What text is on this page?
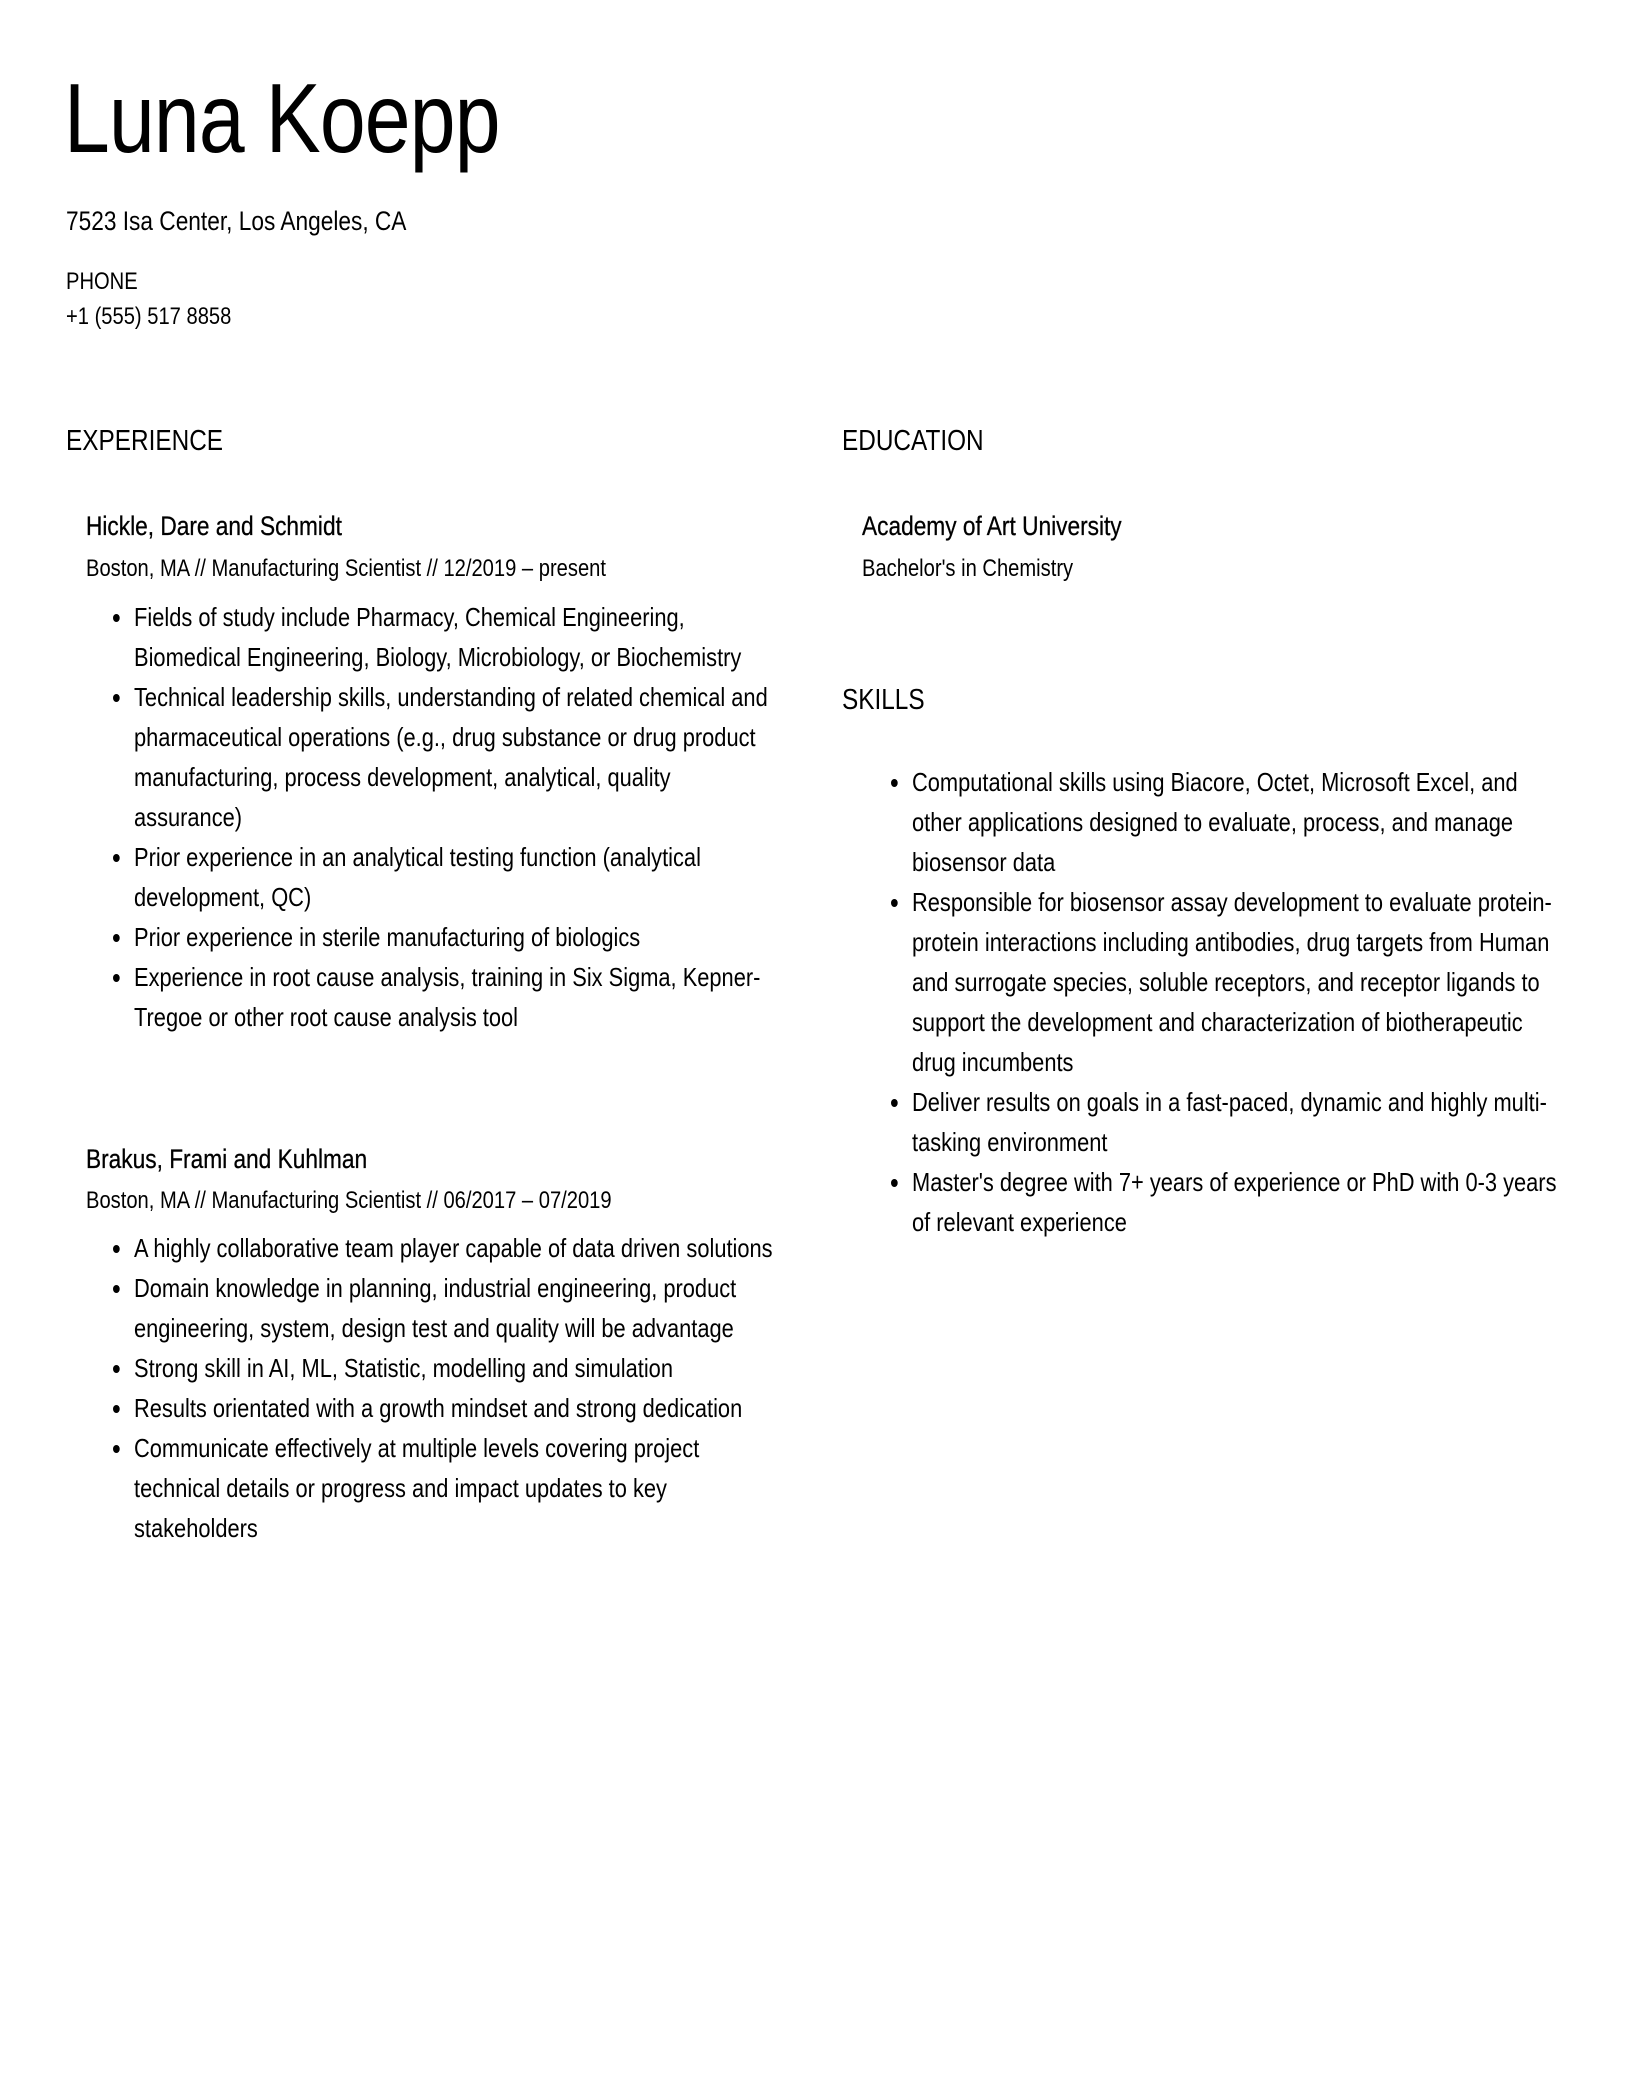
Luna Koepp
7523 Isa Center, Los Angeles, CA
PHONE
+1 (555) 517 8858
EXPERIENCE
Hickle, Dare and Schmidt
Boston, MA // Manufacturing Scientist // 12/2019 – present
Fields of study include Pharmacy, Chemical Engineering, Biomedical Engineering, Biology, Microbiology, or Biochemistry
Technical leadership skills, understanding of related chemical and pharmaceutical operations (e.g., drug substance or drug product manufacturing, process development, analytical, quality assurance)
Prior experience in an analytical testing function (analytical development, QC)
Prior experience in sterile manufacturing of biologics
Experience in root cause analysis, training in Six Sigma, Kepner-Tregoe or other root cause analysis tool
Brakus, Frami and Kuhlman
Boston, MA // Manufacturing Scientist // 06/2017 – 07/2019
A highly collaborative team player capable of data driven solutions
Domain knowledge in planning, industrial engineering, product engineering, system, design test and quality will be advantage
Strong skill in AI, ML, Statistic, modelling and simulation
Results orientated with a growth mindset and strong dedication
Communicate effectively at multiple levels covering project technical details or progress and impact updates to key stakeholders
EDUCATION
Academy of Art University
Bachelor's in Chemistry
SKILLS
Computational skills using Biacore, Octet, Microsoft Excel, and other applications designed to evaluate, process, and manage biosensor data
Responsible for biosensor assay development to evaluate protein-protein interactions including antibodies, drug targets from Human and surrogate species, soluble receptors, and receptor ligands to support the development and characterization of biotherapeutic drug incumbents
Deliver results on goals in a fast-paced, dynamic and highly multi-tasking environment
Master's degree with 7+ years of experience or PhD with 0-3 years of relevant experience
